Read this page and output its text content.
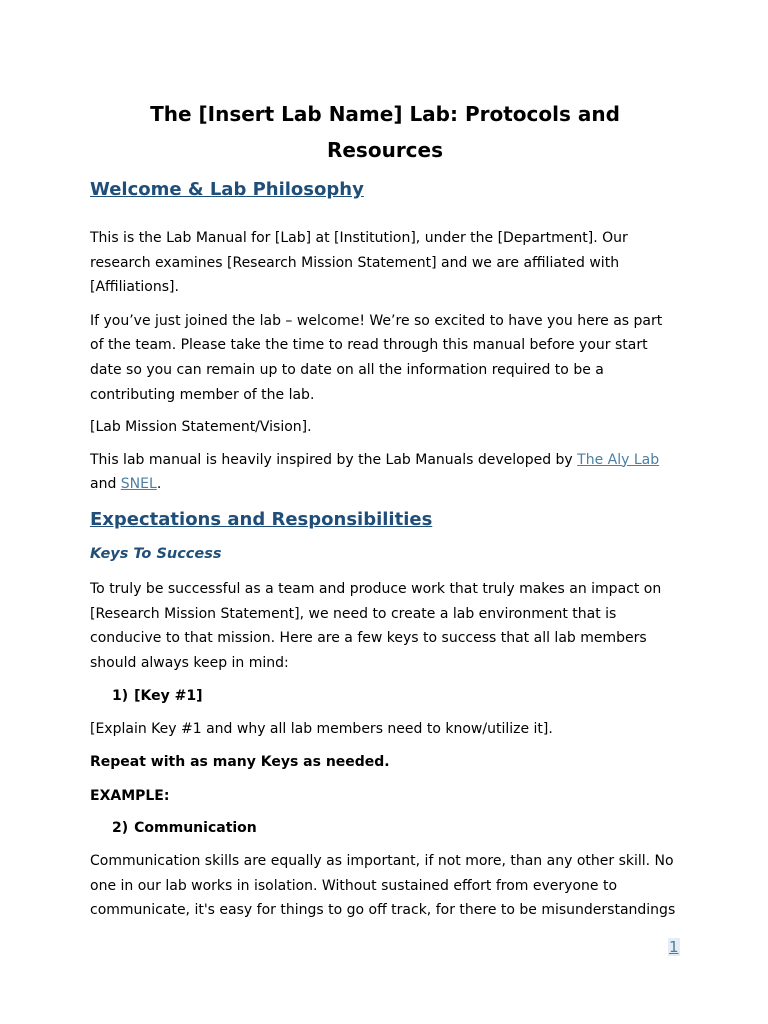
The [Insert Lab Name] Lab: Protocols and Resources
Welcome & Lab Philosophy

This is the Lab Manual for [Lab] at [Institution], under the [Department]. Our research examines [Research Mission Statement] and we are affiliated with [Affiliations].

If you’ve just joined the lab – welcome! We’re so excited to have you here as part of the team. Please take the time to read through this manual before your start date so you can remain up to date on all the information required to be a contributing member of the lab.

[Lab Mission Statement/Vision].

This lab manual is heavily inspired by the Lab Manuals developed by The Aly Lab and SNEL.

Expectations and Responsibilities
Keys To Success

To truly be successful as a team and produce work that truly makes an impact on [Research Mission Statement], we need to create a lab environment that is conducive to that mission. Here are a few keys to success that all lab members should always keep in mind:

1) [Key #1]

[Explain Key #1 and why all lab members need to know/utilize it].

Repeat with as many Keys as needed.

EXAMPLE:

2) Communication

Communication skills are equally as important, if not more, than any other skill. No one in our lab works in isolation. Without sustained effort from everyone to communicate, it's easy for things to go off track, for there to be misunderstandings

1
